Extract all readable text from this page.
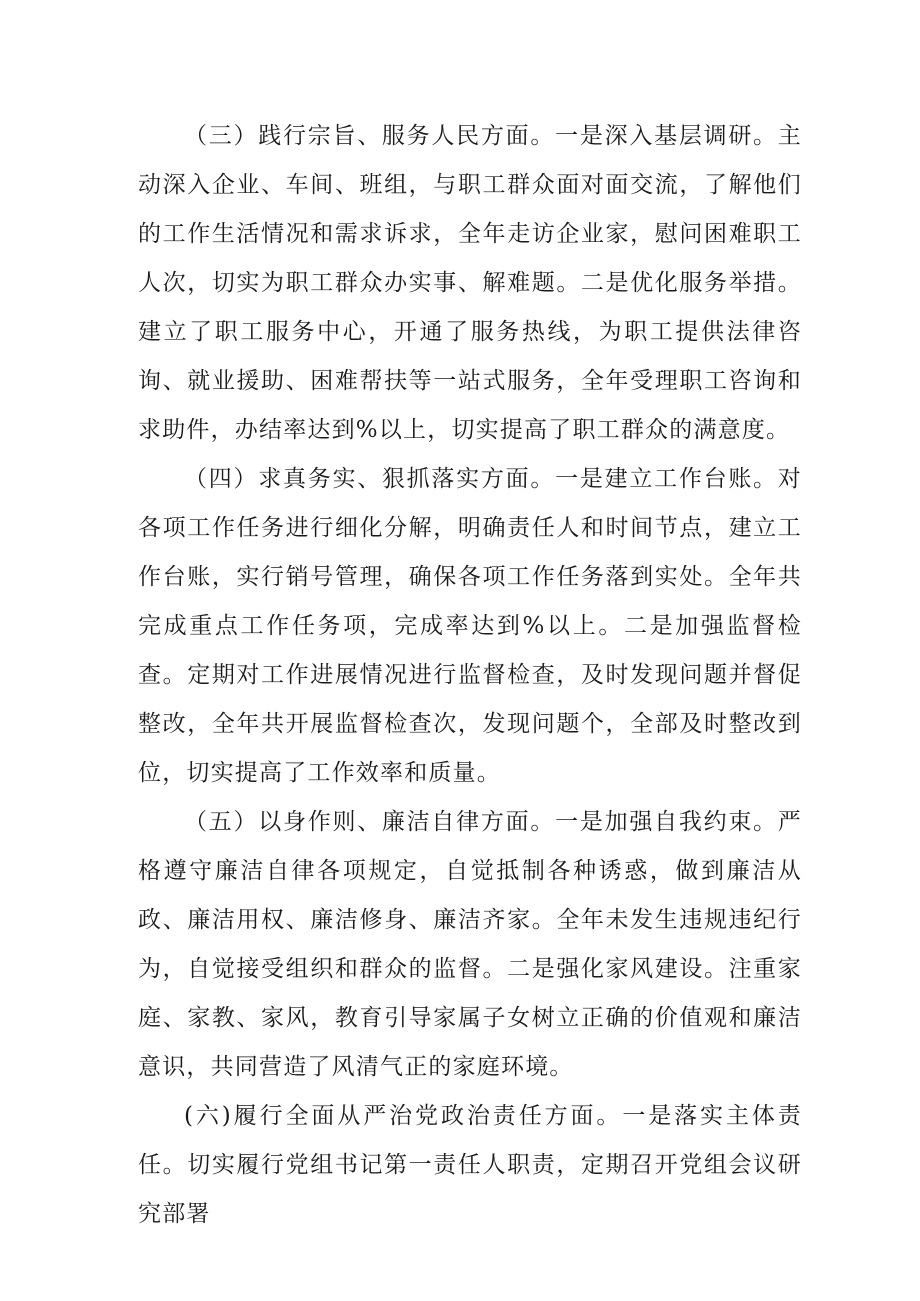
（三）践行宗旨、服务人民方面。一是深入基层调研。主动深入企业、车间、班组，与职工群众面对面交流，了解他们的工作生活情况和需求诉求，全年走访企业家，慰问困难职工人次，切实为职工群众办实事、解难题。二是优化服务举措。建立了职工服务中心，开通了服务热线，为职工提供法律咨询、就业援助、困难帮扶等一站式服务，全年受理职工咨询和求助件，办结率达到%以上，切实提高了职工群众的满意度。

（四）求真务实、狠抓落实方面。一是建立工作台账。对各项工作任务进行细化分解，明确责任人和时间节点，建立工作台账，实行销号管理，确保各项工作任务落到实处。全年共完成重点工作任务项，完成率达到%以上。二是加强监督检查。定期对工作进展情况进行监督检查，及时发现问题并督促整改，全年共开展监督检查次，发现问题个，全部及时整改到位，切实提高了工作效率和质量。

（五）以身作则、廉洁自律方面。一是加强自我约束。严格遵守廉洁自律各项规定，自觉抵制各种诱惑，做到廉洁从政、廉洁用权、廉洁修身、廉洁齐家。全年未发生违规违纪行为，自觉接受组织和群众的监督。二是强化家风建设。注重家庭、家教、家风，教育引导家属子女树立正确的价值观和廉洁意识，共同营造了风清气正的家庭环境。

(六)履行全面从严治党政治责任方面。一是落实主体责任。切实履行党组书记第一责任人职责，定期召开党组会议研究部署
